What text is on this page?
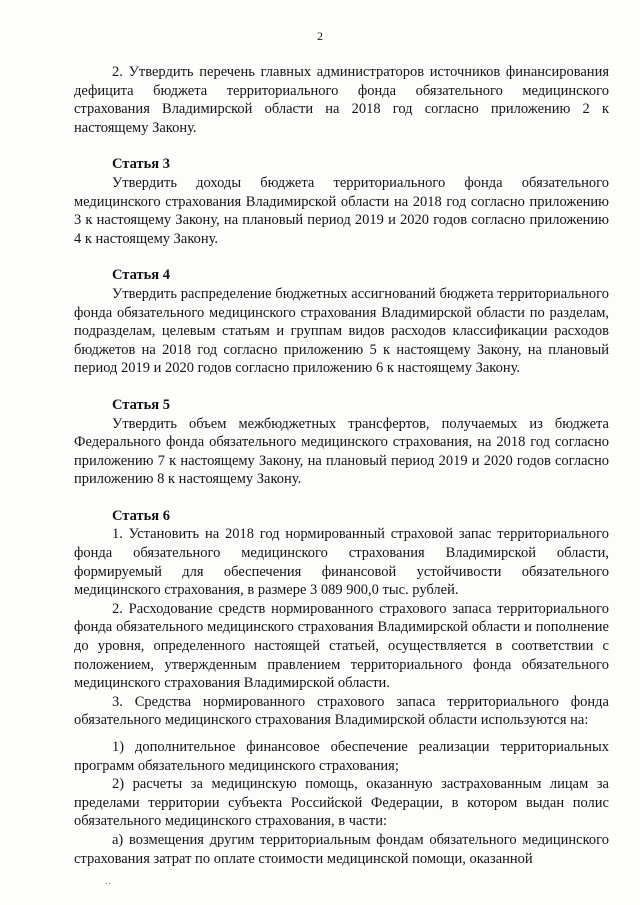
2

2. Утвердить перечень главных администраторов источников финансирования дефицита бюджета территориального фонда обязательного медицинского страхования Владимирской области на 2018 год согласно приложению 2 к настоящему Закону.

Статья 3

Утвердить доходы бюджета территориального фонда обязательного медицинского страхования Владимирской области на 2018 год согласно приложению 3 к настоящему Закону, на плановый период 2019 и 2020 годов согласно приложению 4 к настоящему Закону.

Статья 4

Утвердить распределение бюджетных ассигнований бюджета территориального фонда обязательного медицинского страхования Владимирской области по разделам, подразделам, целевым статьям и группам видов расходов классификации расходов бюджетов на 2018 год согласно приложению 5 к настоящему Закону, на плановый период 2019 и 2020 годов согласно приложению 6 к настоящему Закону.

Статья 5

Утвердить объем межбюджетных трансфертов, получаемых из бюджета Федерального фонда обязательного медицинского страхования, на 2018 год согласно приложению 7 к настоящему Закону, на плановый период 2019 и 2020 годов согласно приложению 8 к настоящему Закону.

Статья 6

1. Установить на 2018 год нормированный страховой запас территориального фонда обязательного медицинского страхования Владимирской области, формируемый для обеспечения финансовой устойчивости обязательного медицинского страхования, в размере 3 089 900,0 тыс. рублей.

2. Расходование средств нормированного страхового запаса территориального фонда обязательного медицинского страхования Владимирской области и пополнение до уровня, определенного настоящей статьей, осуществляется в соответствии с положением, утвержденным правлением территориального фонда обязательного медицинского страхования Владимирской области.

3. Средства нормированного страхового запаса территориального фонда обязательного медицинского страхования Владимирской области используются на:

1) дополнительное финансовое обеспечение реализации территориальных программ обязательного медицинского страхования;

2) расчеты за медицинскую помощь, оказанную застрахованным лицам за пределами территории субъекта Российской Федерации, в котором выдан полис обязательного медицинского страхования, в части:

а) возмещения другим территориальным фондам обязательного медицинского страхования затрат по оплате стоимости медицинской помощи, оказанной

..
